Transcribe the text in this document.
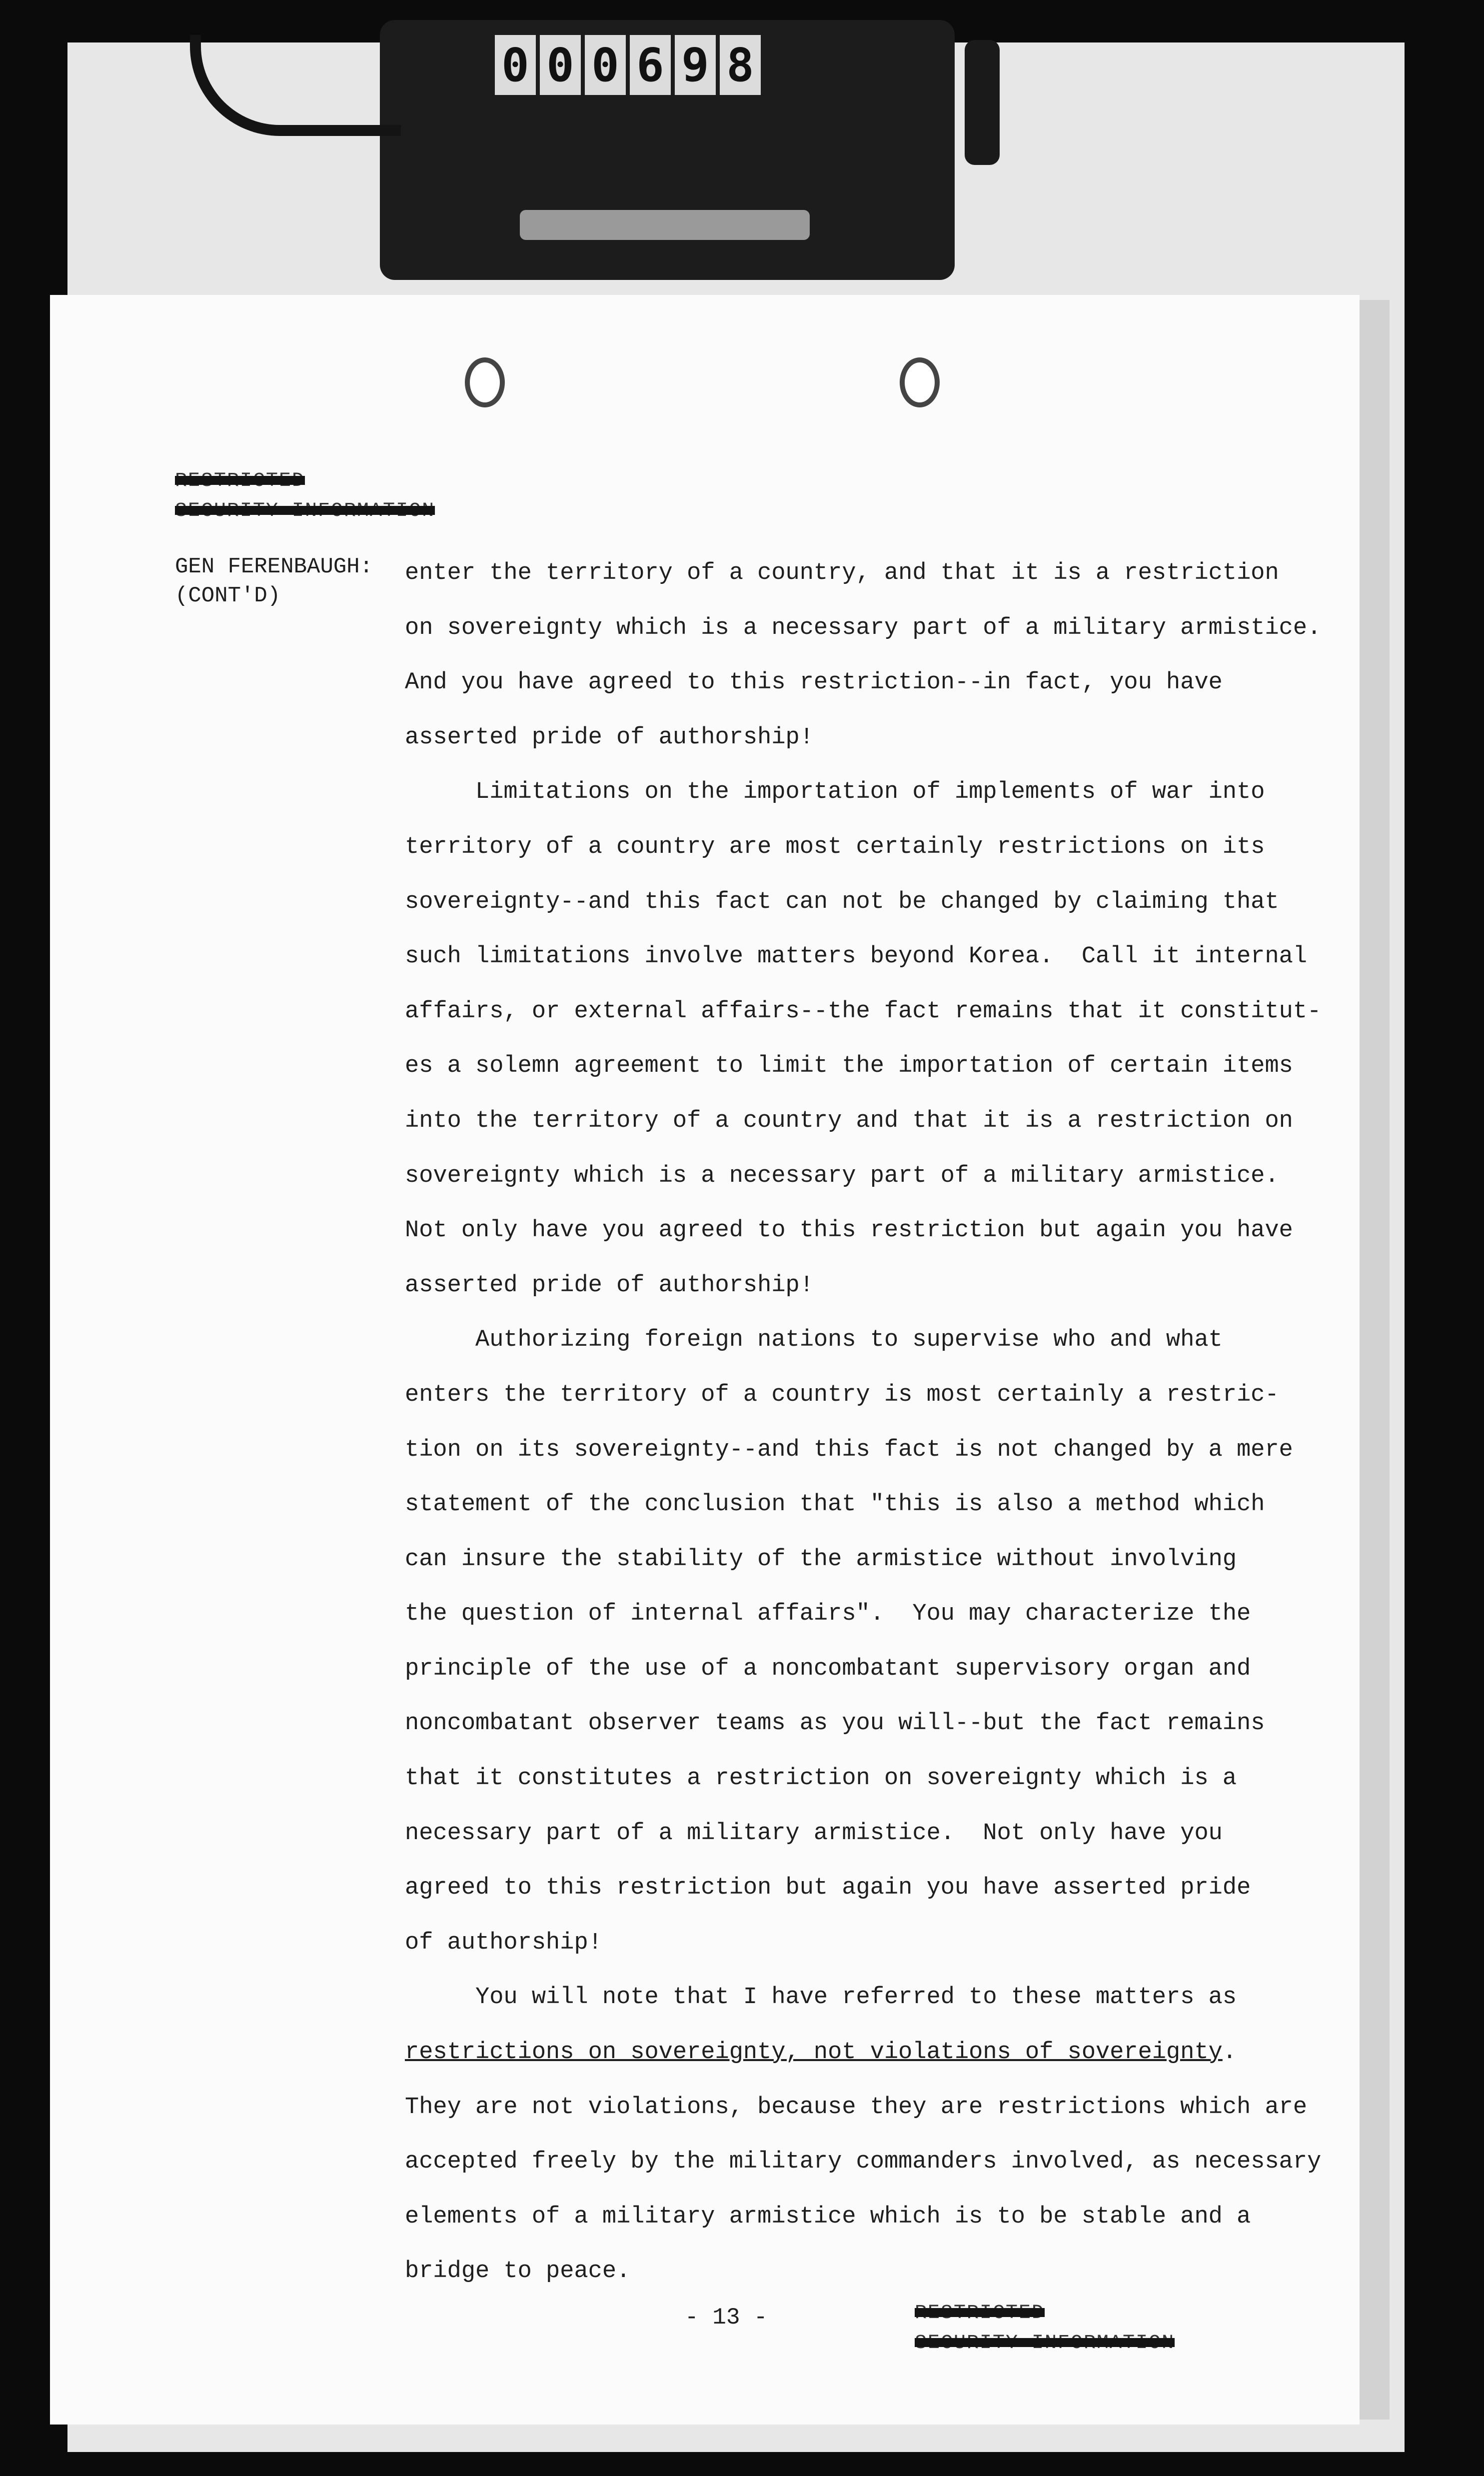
0 0 0 6 9 8
RESTRICTED
SECURITY INFORMATION
GEN FERENBAUGH:
(CONT'D)
enter the territory of a country, and that it is a restriction
on sovereignty which is a necessary part of a military armistice.
And you have agreed to this restriction--in fact, you have
asserted pride of authorship!
Limitations on the importation of implements of war into
territory of a country are most certainly restrictions on its
sovereignty--and this fact can not be changed by claiming that
such limitations involve matters beyond Korea.  Call it internal
affairs, or external affairs--the fact remains that it constitut-
es a solemn agreement to limit the importation of certain items
into the territory of a country and that it is a restriction on
sovereignty which is a necessary part of a military armistice.
Not only have you agreed to this restriction but again you have
asserted pride of authorship!
Authorizing foreign nations to supervise who and what
enters the territory of a country is most certainly a restric-
tion on its sovereignty--and this fact is not changed by a mere
statement of the conclusion that "this is also a method which
can insure the stability of the armistice without involving
the question of internal affairs".  You may characterize the
principle of the use of a noncombatant supervisory organ and
noncombatant observer teams as you will--but the fact remains
that it constitutes a restriction on sovereignty which is a
necessary part of a military armistice.  Not only have you
agreed to this restriction but again you have asserted pride
of authorship!
You will note that I have referred to these matters as
restrictions on sovereignty, not violations of sovereignty.
They are not violations, because they are restrictions which are
accepted freely by the military commanders involved, as necessary
elements of a military armistice which is to be stable and a
bridge to peace.
- 13 -	RESTRICTED
SECURITY INFORMATION
